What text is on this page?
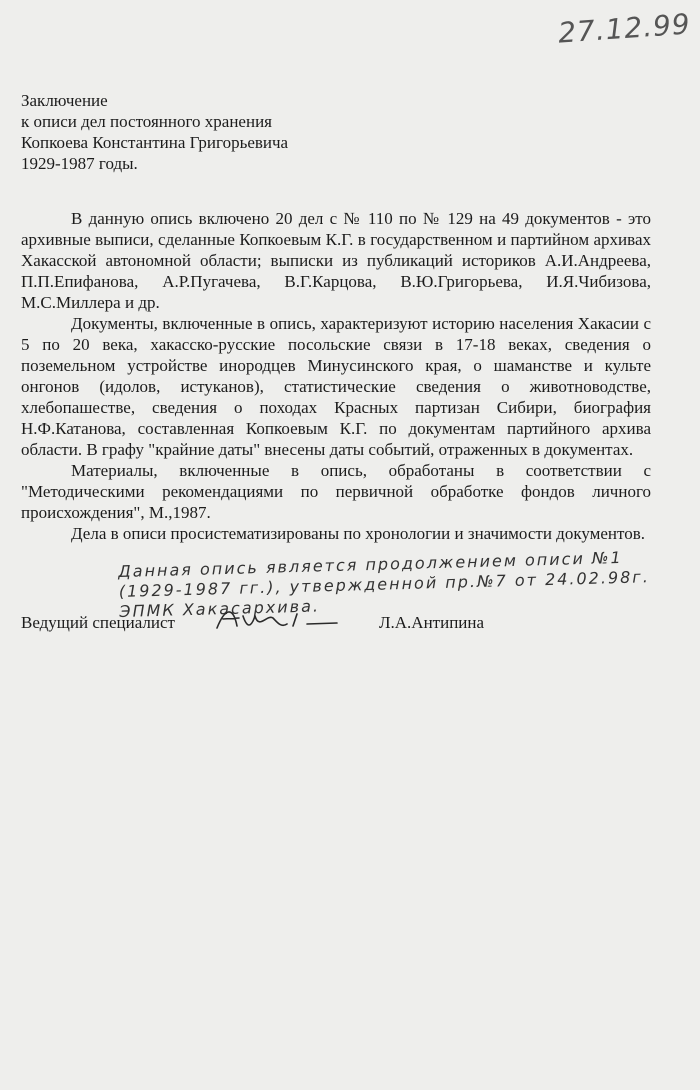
27.12.99
Заключение
к описи дел постоянного хранения
Копкоева Константина Григорьевича
1929-1987 годы.

В данную опись включено 20 дел с № 110 по № 129 на 49 документов - это архивные выписи, сделанные Копкоевым К.Г. в государственном и партийном архивах Хакасской автономной области; выписки из публикаций историков А.И.Андреева, П.П.Епифанова, А.Р.Пугачева, В.Г.Карцова, В.Ю.Григорьева, И.Я.Чибизова, М.С.Миллера и др.

Документы, включенные в опись, характеризуют историю населения Хакасии с 5 по 20 века, хакасско-русские посольские связи в 17-18 веках, сведения о поземельном устройстве инородцев Минусинского края, о шаманстве и культе онгонов (идолов, истуканов), статистические сведения о животноводстве, хлебопашестве, сведения о походах Красных партизан Сибири, биография Н.Ф.Катанова, составленная Копкоевым К.Г. по документам партийного архива области. В графу "крайние даты" внесены даты событий, отраженных в документах.

Материалы, включенные в опись, обработаны в соответствии с "Методическими рекомендациями по первичной обработке фондов личного происхождения", М.,1987.

Дела в описи просистематизированы по хронологии и значимости документов.

Данная опись является продолжением описи №1 (1929-1987 гг.), утвержденной пр.№7 от 24.02.98г. ЭПМК Хакасархива.
Ведущий специалист	Л.А.Антипина
